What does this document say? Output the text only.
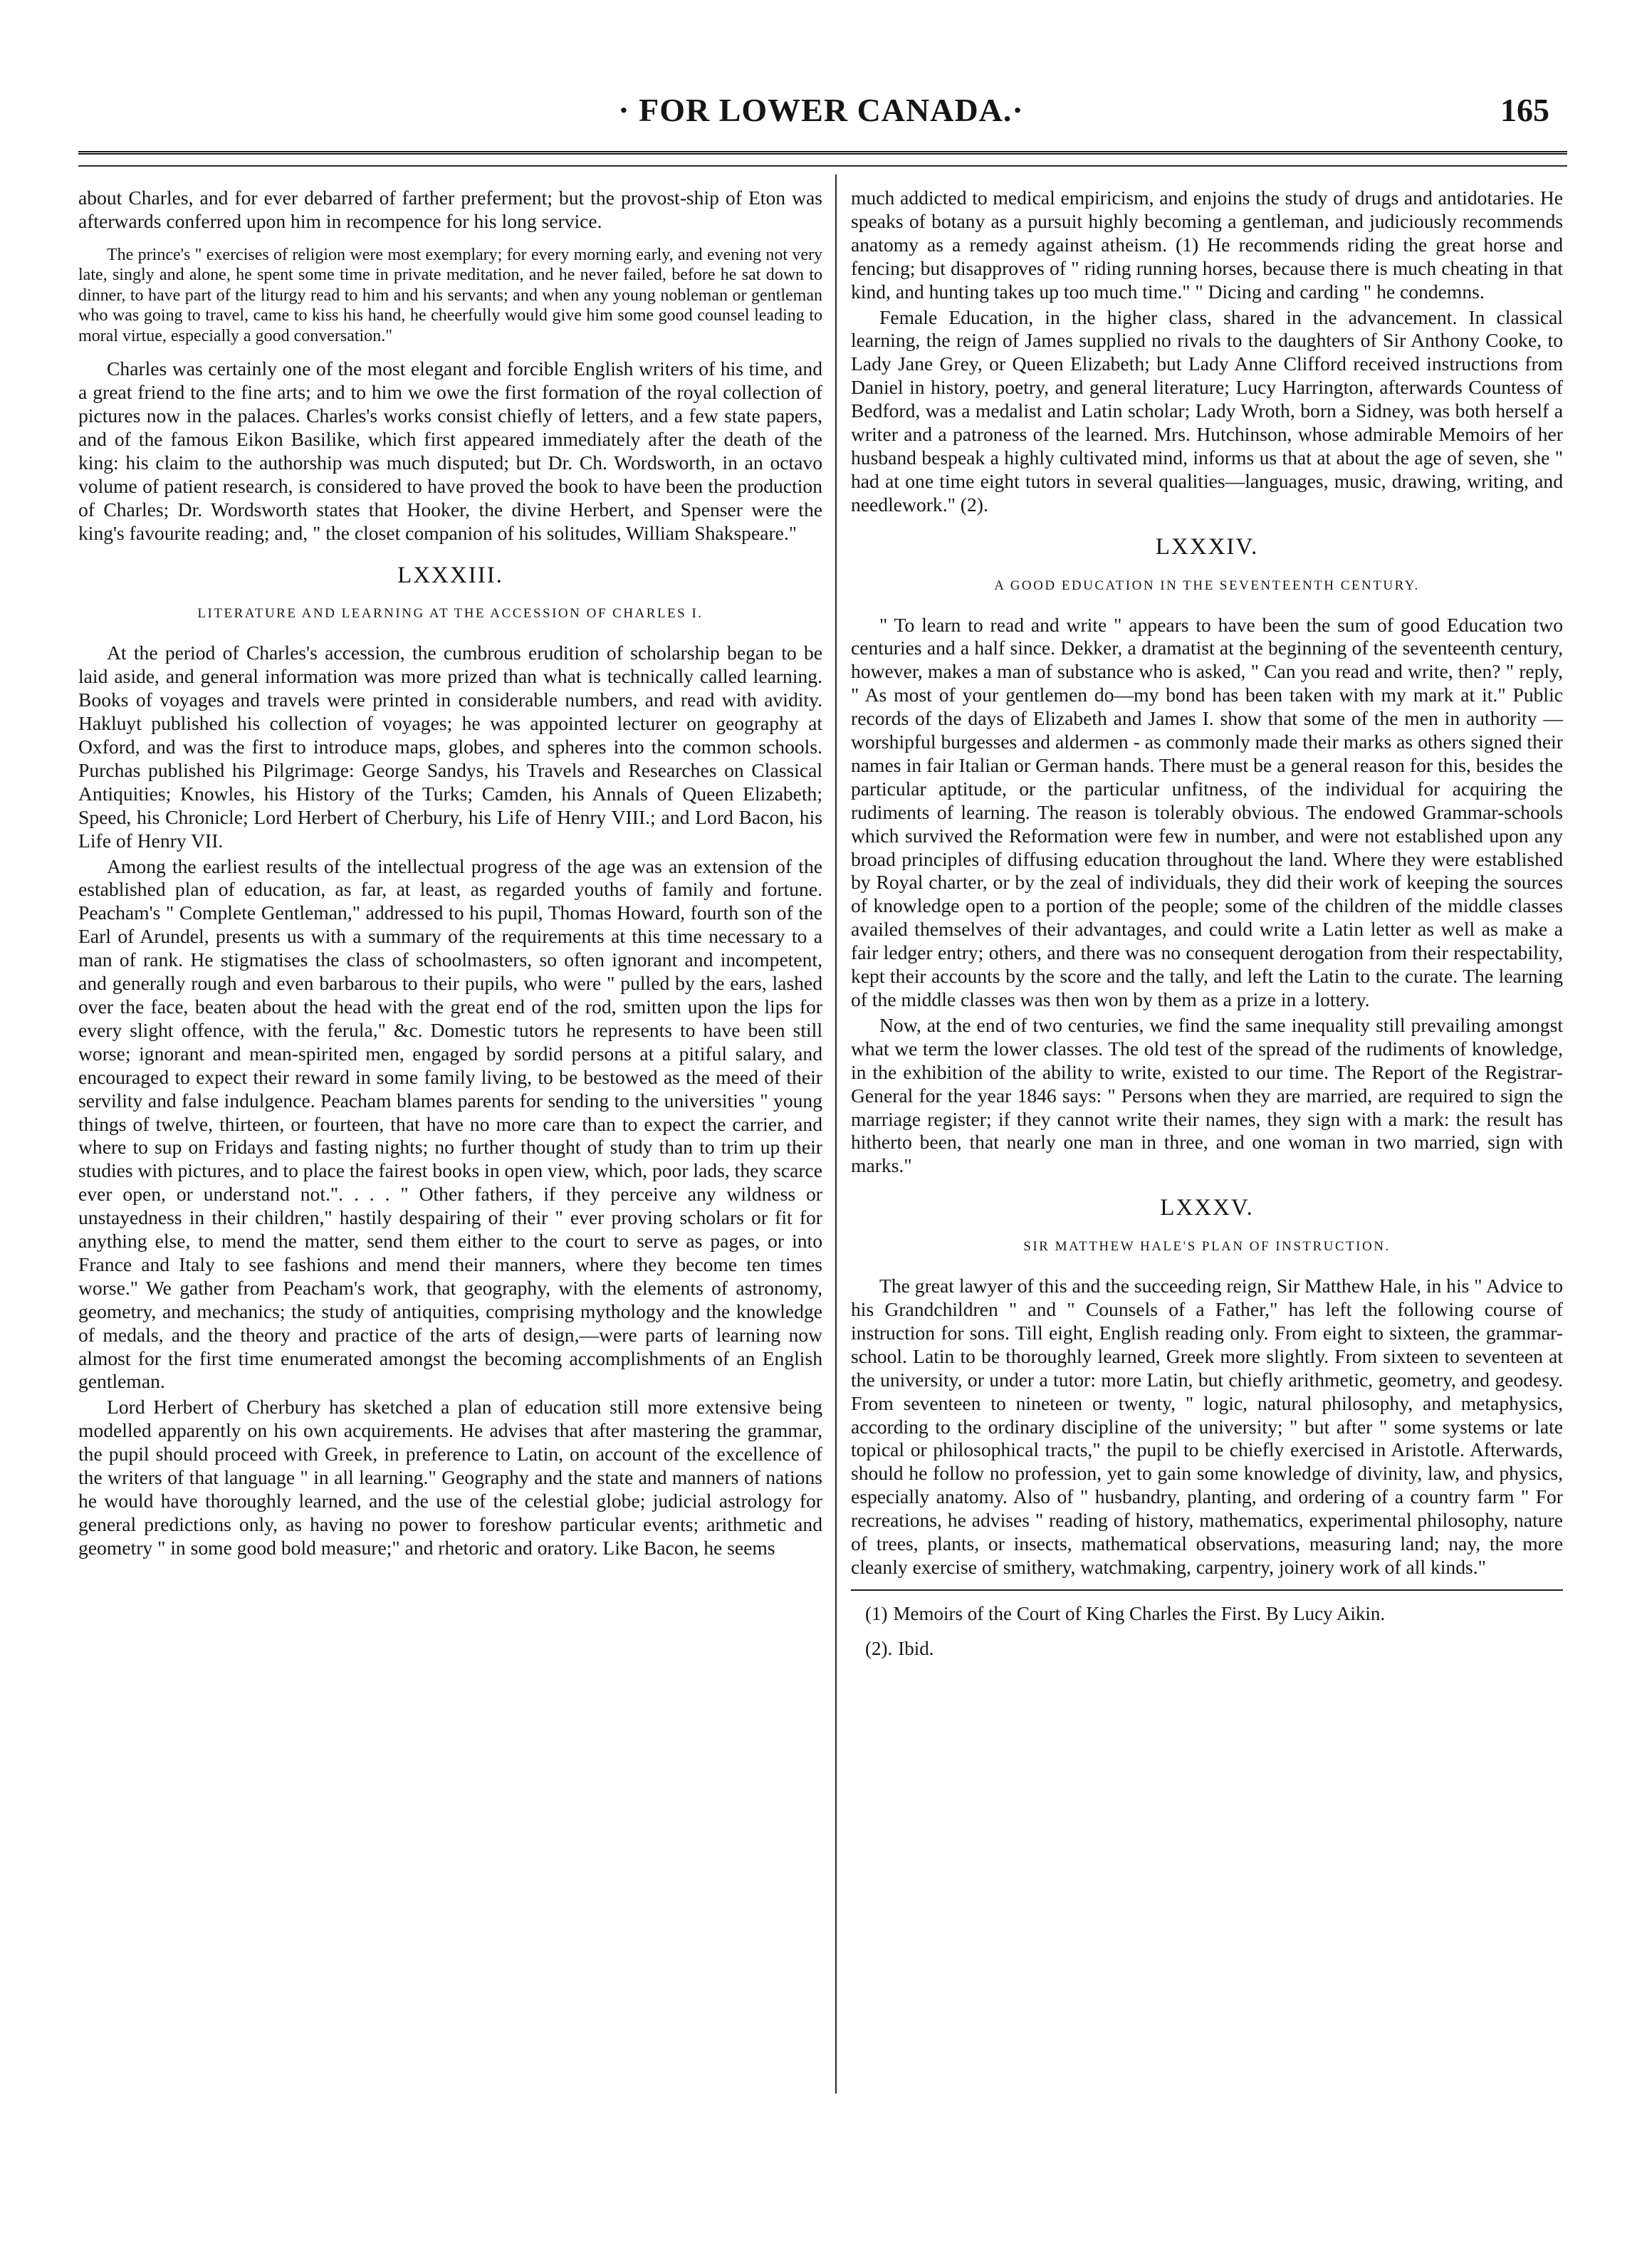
· FOR LOWER CANADA.·	165

about Charles, and for ever debarred of farther preferment; but the provost-ship of Eton was afterwards conferred upon him in recompence for his long service.

The prince's " exercises of religion were most exemplary; for every morning early, and evening not very late, singly and alone, he spent some time in private meditation, and he never failed, before he sat down to dinner, to have part of the liturgy read to him and his servants; and when any young nobleman or gentleman who was going to travel, came to kiss his hand, he cheerfully would give him some good counsel leading to moral virtue, especially a good conversation."

Charles was certainly one of the most elegant and forcible English writers of his time, and a great friend to the fine arts; and to him we owe the first formation of the royal collection of pictures now in the palaces. Charles's works consist chiefly of letters, and a few state papers, and of the famous Eikon Basilike, which first appeared immediately after the death of the king: his claim to the authorship was much disputed; but Dr. Ch. Wordsworth, in an octavo volume of patient research, is considered to have proved the book to have been the production of Charles; Dr. Wordsworth states that Hooker, the divine Herbert, and Spenser were the king's favourite reading; and, " the closet companion of his solitudes, William Shakspeare."

LXXXIII.
LITERATURE AND LEARNING AT THE ACCESSION OF CHARLES I.

At the period of Charles's accession, the cumbrous erudition of scholarship began to be laid aside, and general information was more prized than what is technically called learning. Books of voyages and travels were printed in considerable numbers, and read with avidity. Hakluyt published his collection of voyages; he was appointed lecturer on geography at Oxford, and was the first to introduce maps, globes, and spheres into the common schools. Purchas published his Pilgrimage: George Sandys, his Travels and Researches on Classical Antiquities; Knowles, his History of the Turks; Camden, his Annals of Queen Elizabeth; Speed, his Chronicle; Lord Herbert of Cherbury, his Life of Henry VIII.; and Lord Bacon, his Life of Henry VII.

Among the earliest results of the intellectual progress of the age was an extension of the established plan of education, as far, at least, as regarded youths of family and fortune. Peacham's " Complete Gentleman," addressed to his pupil, Thomas Howard, fourth son of the Earl of Arundel, presents us with a summary of the requirements at this time necessary to a man of rank. He stigmatises the class of schoolmasters, so often ignorant and incompetent, and generally rough and even barbarous to their pupils, who were " pulled by the ears, lashed over the face, beaten about the head with the great end of the rod, smitten upon the lips for every slight offence, with the ferula," &c. Domestic tutors he represents to have been still worse; ignorant and mean-spirited men, engaged by sordid persons at a pitiful salary, and encouraged to expect their reward in some family living, to be bestowed as the meed of their servility and false indulgence. Peacham blames parents for sending to the universities " young things of twelve, thirteen, or fourteen, that have no more care than to expect the carrier, and where to sup on Fridays and fasting nights; no further thought of study than to trim up their studies with pictures, and to place the fairest books in open view, which, poor lads, they scarce ever open, or understand not.". . . . " Other fathers, if they perceive any wildness or unstayedness in their children," hastily despairing of their " ever proving scholars or fit for anything else, to mend the matter, send them either to the court to serve as pages, or into France and Italy to see fashions and mend their manners, where they become ten times worse." We gather from Peacham's work, that geography, with the elements of astronomy, geometry, and mechanics; the study of antiquities, comprising mythology and the knowledge of medals, and the theory and practice of the arts of design,—were parts of learning now almost for the first time enumerated amongst the becoming accomplishments of an English gentleman.

Lord Herbert of Cherbury has sketched a plan of education still more extensive being modelled apparently on his own acquirements. He advises that after mastering the grammar, the pupil should proceed with Greek, in preference to Latin, on account of the excellence of the writers of that language " in all learning." Geography and the state and manners of nations he would have thoroughly learned, and the use of the celestial globe; judicial astrology for general predictions only, as having no power to foreshow particular events; arithmetic and geometry " in some good bold measure;" and rhetoric and oratory. Like Bacon, he seems

much addicted to medical empiricism, and enjoins the study of drugs and antidotaries. He speaks of botany as a pursuit highly becoming a gentleman, and judiciously recommends anatomy as a remedy against atheism. (1) He recommends riding the great horse and fencing; but disapproves of " riding running horses, because there is much cheating in that kind, and hunting takes up too much time." " Dicing and carding " he condemns.

Female Education, in the higher class, shared in the advancement. In classical learning, the reign of James supplied no rivals to the daughters of Sir Anthony Cooke, to Lady Jane Grey, or Queen Elizabeth; but Lady Anne Clifford received instructions from Daniel in history, poetry, and general literature; Lucy Harrington, afterwards Countess of Bedford, was a medalist and Latin scholar; Lady Wroth, born a Sidney, was both herself a writer and a patroness of the learned. Mrs. Hutchinson, whose admirable Memoirs of her husband bespeak a highly cultivated mind, informs us that at about the age of seven, she " had at one time eight tutors in several qualities—languages, music, drawing, writing, and needlework." (2).

LXXXIV.
A GOOD EDUCATION IN THE SEVENTEENTH CENTURY.

" To learn to read and write " appears to have been the sum of good Education two centuries and a half since. Dekker, a dramatist at the beginning of the seventeenth century, however, makes a man of substance who is asked, " Can you read and write, then? " reply, " As most of your gentlemen do—my bond has been taken with my mark at it." Public records of the days of Elizabeth and James I. show that some of the men in authority — worshipful burgesses and aldermen - as commonly made their marks as others signed their names in fair Italian or German hands. There must be a general reason for this, besides the particular aptitude, or the particular unfitness, of the individual for acquiring the rudiments of learning. The reason is tolerably obvious. The endowed Grammar-schools which survived the Reformation were few in number, and were not established upon any broad principles of diffusing education throughout the land. Where they were established by Royal charter, or by the zeal of individuals, they did their work of keeping the sources of knowledge open to a portion of the people; some of the children of the middle classes availed themselves of their advantages, and could write a Latin letter as well as make a fair ledger entry; others, and there was no consequent derogation from their respectability, kept their accounts by the score and the tally, and left the Latin to the curate. The learning of the middle classes was then won by them as a prize in a lottery.

Now, at the end of two centuries, we find the same inequality still prevailing amongst what we term the lower classes. The old test of the spread of the rudiments of knowledge, in the exhibition of the ability to write, existed to our time. The Report of the Registrar-General for the year 1846 says: " Persons when they are married, are required to sign the marriage register; if they cannot write their names, they sign with a mark: the result has hitherto been, that nearly one man in three, and one woman in two married, sign with marks."

LXXXV.
SIR MATTHEW HALE'S PLAN OF INSTRUCTION.

The great lawyer of this and the succeeding reign, Sir Matthew Hale, in his " Advice to his Grandchildren " and " Counsels of a Father," has left the following course of instruction for sons. Till eight, English reading only. From eight to sixteen, the grammar-school. Latin to be thoroughly learned, Greek more slightly. From sixteen to seventeen at the university, or under a tutor: more Latin, but chiefly arithmetic, geometry, and geodesy. From seventeen to nineteen or twenty, " logic, natural philosophy, and metaphysics, according to the ordinary discipline of the university; " but after " some systems or late topical or philosophical tracts," the pupil to be chiefly exercised in Aristotle. Afterwards, should he follow no profession, yet to gain some knowledge of divinity, law, and physics, especially anatomy. Also of " husbandry, planting, and ordering of a country farm " For recreations, he advises " reading of history, mathematics, experimental philosophy, nature of trees, plants, or insects, mathematical observations, measuring land; nay, the more cleanly exercise of smithery, watchmaking, carpentry, joinery work of all kinds."

(1) Memoirs of the Court of King Charles the First. By Lucy Aikin.
(2). Ibid.
